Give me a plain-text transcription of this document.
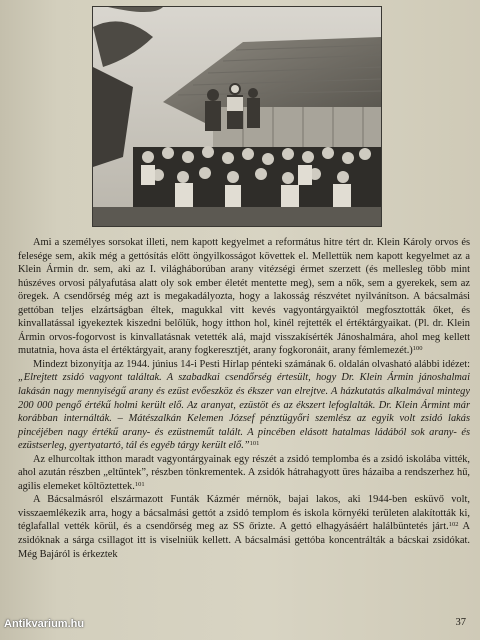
Ami a személyes sorsokat illeti, nem kapott kegyelmet a református hitre tért dr. Klein Károly orvos és felesége sem, akik még a gettósítás előtt öngyilkosságot követtek el. Mellettük nem kapott kegyelmet az a Klein Ármin dr. sem, aki az I. világháborúban arany vitézségi érmet szerzett (és mellesleg több mint húszéves orvosi pályafutása alatt oly sok ember életét mentette meg), sem a nők, sem a gyerekek, sem az öregek. A csendőrség még azt is megakadályozta, hogy a lakosság részvétet nyilvánítson. A bácsalmási gettóban teljes elzártságban éltek, magukkal vitt kevés vagyontárgyaiktól megfosztották őket, és kinvallatással igyekeztek kiszedni belőlük, hogy itthon hol, kinél rejtették el értéktárgyaikat. (Pl. dr. Klein Ármin orvos-fogorvost is kinvallatásnak vetették alá, majd visszakísérték Jánoshalmára, ahol meg kellett mutatnia, hova ásta el értéktárgyait, arany fogkeresztjét, arany fogkoronáit, arany fémlemezét.)$^{100}$

Mindezt bizonyítja az 1944. június 14-i Pesti Hírlap pénteki számának 6. oldalán olvasható alábbi idézet: „Elrejtett zsidó vagyont találtak. A szabadkai csendőrség értesült, hogy Dr. Klein Ármin jánoshalmai lakásán nagy mennyiségű arany és ezüst evőeszköz és ékszer van elrejtve. A házkutatás alkalmával mintegy 200 000 pengő értékű holmi került elő. Az aranyat, ezüstöt és az ékszert lefoglalták. Dr. Klein Ármint már korábban internálták. – Mátészalkán Kelemen József pénztügyőri szemlész az egyik volt zsidó lakás pincéjében nagy értékű arany- és ezüstneműt talált. A pincében elásott hatalmas ládából sok arany- és ezüstserleg, gyertyatartó, tál és egyéb tárgy került elő.”$^{101}$

Az elhurcoltak itthon maradt vagyontárgyainak egy részét a zsidó templomba és a zsidó iskolába vitték, ahol azután részben „eltűntek”, részben tönkrementek. A zsidók hátrahagyott üres házaiba a rendszerhez hű, agilis elemeket költöztettek.$^{101}$

A Bácsalmásról elszármazott Funták Kázmér mérnök, bajai lakos, aki 1944-ben esküvő volt, visszaemlékezik arra, hogy a bácsalmási gettót a zsidó templom és iskola környéki területen alakították ki, téglafallal vették körül, és a csendőrség meg az SS őrizte. A gettó elhagyásáért halálbüntetés járt.$^{102}$ A zsidóknak a sárga csillagot itt is viselniük kellett. A bácsalmási gettóba koncentrálták a bácskai zsidókat. Még Bajáról is érkeztek

37
Antikvarium.hu
